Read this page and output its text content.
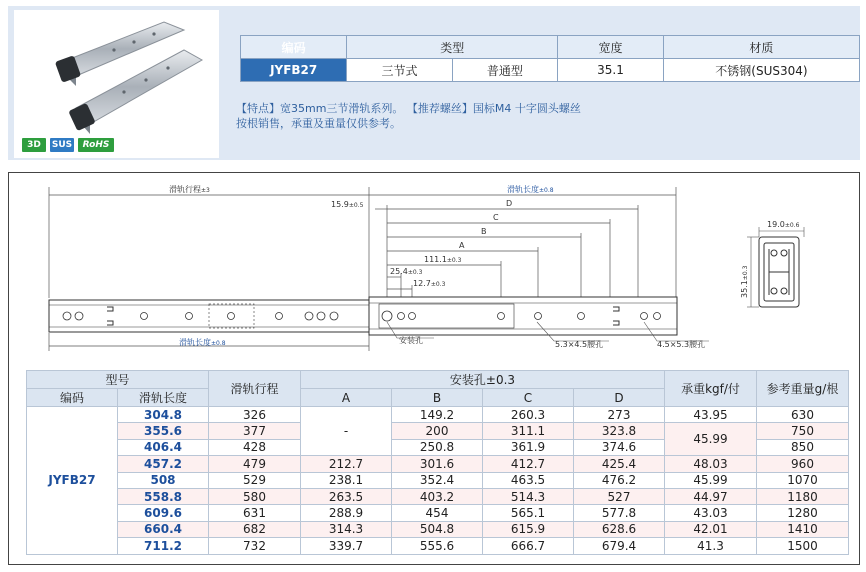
3D	SUS	RoHS
编码	类型		宽度	材质
JYFB27	三节式	普通型	35.1	不锈钢(SUS304)
【特点】宽35mm三节滑轨系列。 【推荐螺丝】国标M4 十字圆头螺丝
按根销售，承重及重量仅供参考。
滑轨行程±3	滑轨长度±0.8
15.9±0.5	D
C
B
A
111.1±0.3
25.4±0.3
12.7±0.3
滑轨长度±0.8	安装孔	5.3×4.5腰孔	4.5×5.3腰孔
19.0±0.6
35.1±0.3
型号		滑轨行程	安装孔±0.3				承重kgf/付	参考重量g/根
编码	滑轨长度		A	B	C	D		
JYFB27	304.8	326	-	149.2	260.3	273	43.95	630
	355.6	377		200	311.1	323.8	45.99	750
	406.4	428		250.8	361.9	374.6		850
	457.2	479	212.7	301.6	412.7	425.4	48.03	960
	508	529	238.1	352.4	463.5	476.2	45.99	1070
	558.8	580	263.5	403.2	514.3	527	44.97	1180
	609.6	631	288.9	454	565.1	577.8	43.03	1280
	660.4	682	314.3	504.8	615.9	628.6	42.01	1410
	711.2	732	339.7	555.6	666.7	679.4	41.3	1500
